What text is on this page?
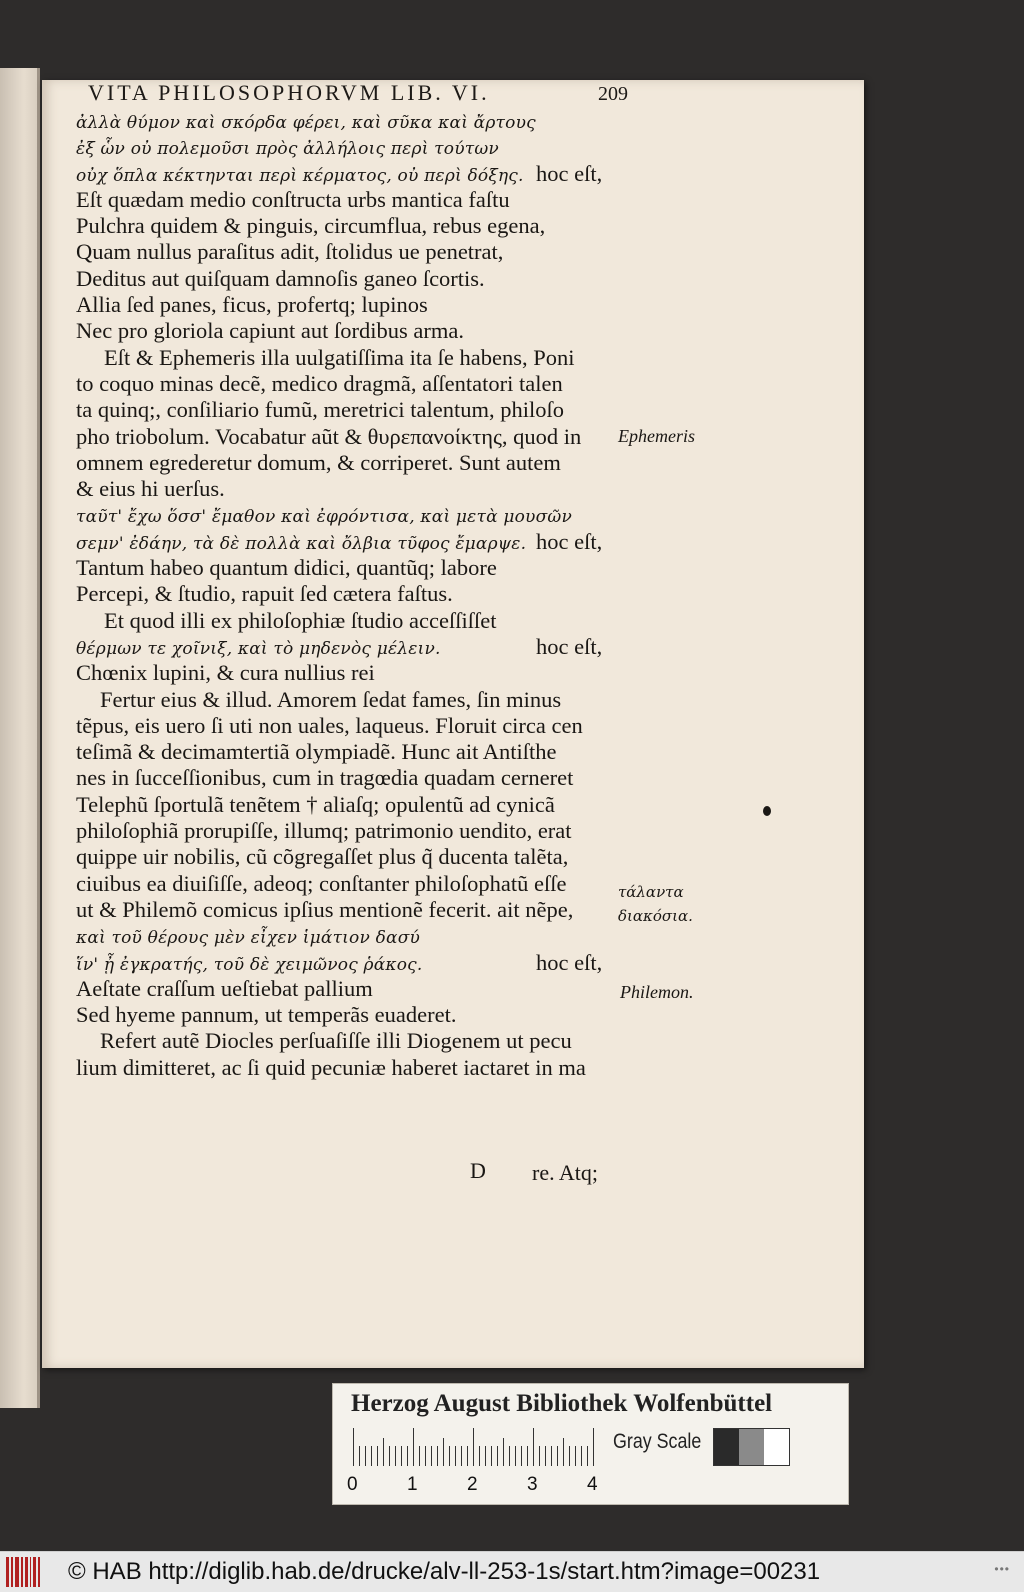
VITA PHILOSOPHORVM LIB. VI.	209
ἀλλὰ θύμον καὶ σκόρδα φέρει, καὶ σῦκα καὶ ἄρτους
ἐξ ὧν οὐ πολεμοῦσι πρὸς ἀλλήλοις περὶ τούτων
οὐχ ὅπλα κέκτηνται περὶ κέρματος, οὐ περὶ δόξης. hoc eſt,
Eſt quædam medio conſtructa urbs mantica faſtu
Pulchra quidem & pinguis, circumflua, rebus egena,
Quam nullus paraſitus adit, ſtolidus ue penetrat,
Deditus aut quiſquam damnoſis ganeo ſcortis.
Allia ſed panes, ficus, profertq; lupinos
Nec pro gloriola capiunt aut ſordibus arma.
Eſt & Ephemeris illa uulgatiſſima ita ſe habens, Poni
to coquo minas decẽ, medico dragmã, aſſentatori talen
ta quinq;, conſiliario fumũ, meretrici talentum, philoſo
pho triobolum. Vocabatur aũt & θυρεπανοίκτης, quod in
omnem egrederetur domum, & corriperet. Sunt autem
& eius hi uerſus.
ταῦτ' ἔχω ὅσσ' ἔμαθον καὶ ἐφρόντισα, καὶ μετὰ μουσῶν
σεμν' ἐδάην, τὰ δὲ πολλὰ καὶ ὄλβια τῦφος ἔμαρψε. hoc eſt,
Tantum habeo quantum didici, quantũq; labore
Percepi, & ſtudio, rapuit ſed cætera faſtus.
Et quod illi ex philoſophiæ ſtudio acceſſiſſet
θέρμων τε χοῖνιξ, καὶ τὸ μηδενὸς μέλειν.	hoc eſt,
Chœnix lupini, & cura nullius rei
Fertur eius & illud. Amorem ſedat fames, ſin minus
tẽpus, eis uero ſi uti non uales, laqueus. Floruit circa cen
teſimã & decimamtertiã olympiadẽ. Hunc ait Antiſthe
nes in ſucceſſionibus, cum in tragœdia quadam cerneret
Telephũ ſportulã tenẽtem † aliaſq; opulentũ ad cynicã
philoſophiã prorupiſſe, illumq; patrimonio uendito, erat
quippe uir nobilis, cũ cõgregaſſet plus q̃ ducenta talẽta,
ciuibus ea diuiſiſſe, adeoq; conſtanter philoſophatũ eſſe
ut & Philemõ comicus ipſius mentionẽ fecerit. ait nẽpe,
καὶ τοῦ θέρους μὲν εἶχεν ἱμάτιον δασύ
ἵν' ᾖ ἐγκρατής, τοῦ δὲ χειμῶνος ῥάκος.	hoc eſt,
Aeſtate craſſum ueſtiebat pallium
Sed hyeme pannum, ut temperãs euaderet.
Refert autẽ Diocles perſuaſiſſe illi Diogenem ut pecu
lium dimitteret, ac ſi quid pecuniæ haberet iactaret in ma
Ephemeris
τάλαντα διακόσια.
Philemon.
D re. Atq;
Herzog August Bibliothek Wolfenbüttel
0	1	2	3	4
Gray Scale
© HAB http://diglib.hab.de/drucke/alv-ll-253-1s/start.htm?image=00231	•••
